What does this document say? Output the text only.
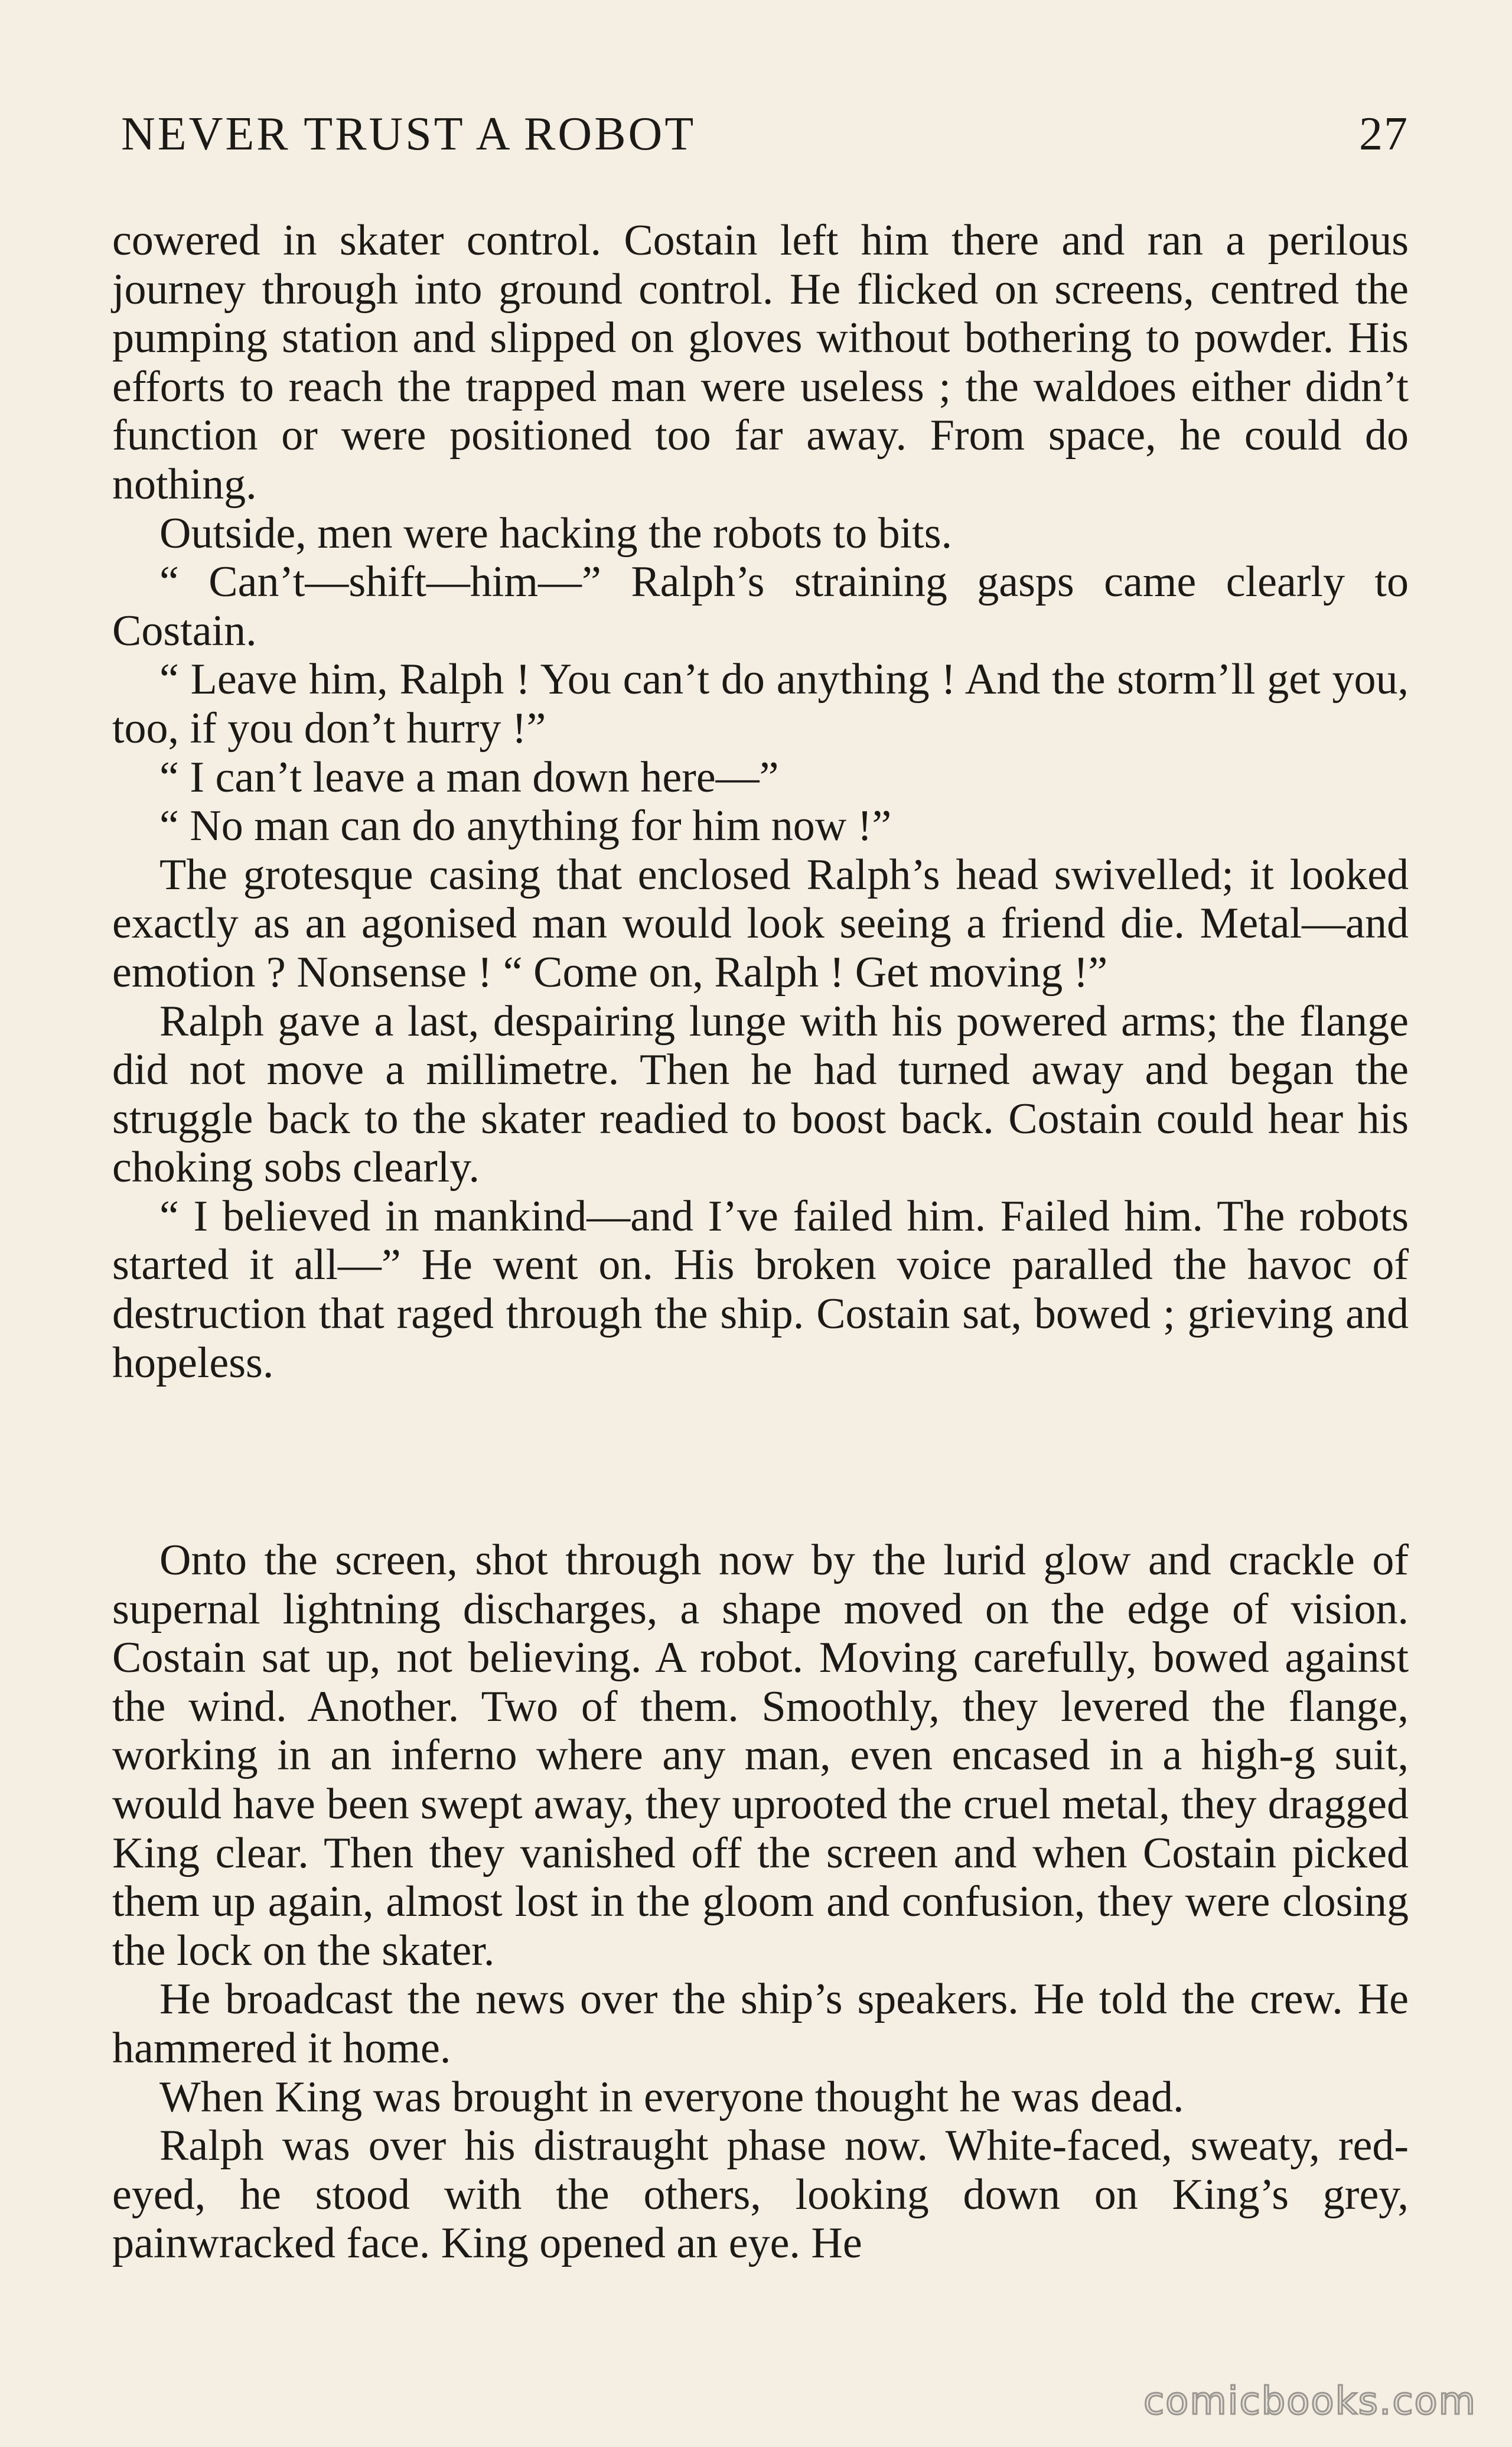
NEVER TRUST A ROBOT	27

cowered in skater control. Costain left him there and ran a perilous journey through into ground control. He flicked on screens, centred the pumping station and slipped on gloves without bothering to powder. His efforts to reach the trapped man were useless ; the waldoes either didn’t function or were positioned too far away. From space, he could do nothing.

Outside, men were hacking the robots to bits.

“ Can’t—shift—him—” Ralph’s straining gasps came clearly to Costain.

“ Leave him, Ralph ! You can’t do anything ! And the storm’ll get you, too, if you don’t hurry !”

“ I can’t leave a man down here—”

“ No man can do anything for him now !”

The grotesque casing that enclosed Ralph’s head swivelled; it looked exactly as an agonised man would look seeing a friend die. Metal—and emotion ? Nonsense ! “ Come on, Ralph ! Get moving !”

Ralph gave a last, despairing lunge with his powered arms; the flange did not move a millimetre. Then he had turned away and began the struggle back to the skater readied to boost back. Costain could hear his choking sobs clearly.

“ I believed in mankind—and I’ve failed him. Failed him. The robots started it all—” He went on. His broken voice paralled the havoc of destruction that raged through the ship. Costain sat, bowed ; grieving and hopeless.

Onto the screen, shot through now by the lurid glow and crackle of supernal lightning discharges, a shape moved on the edge of vision. Costain sat up, not believing. A robot. Moving carefully, bowed against the wind. Another. Two of them. Smoothly, they levered the flange, working in an inferno where any man, even encased in a high-g suit, would have been swept away, they uprooted the cruel metal, they dragged King clear. Then they vanished off the screen and when Costain picked them up again, almost lost in the gloom and confusion, they were closing the lock on the skater.

He broadcast the news over the ship’s speakers. He told the crew. He hammered it home.

When King was brought in everyone thought he was dead.

Ralph was over his distraught phase now. White-faced, sweaty, red-eyed, he stood with the others, looking down on King’s grey, painwracked face. King opened an eye. He

comicbooks.com
